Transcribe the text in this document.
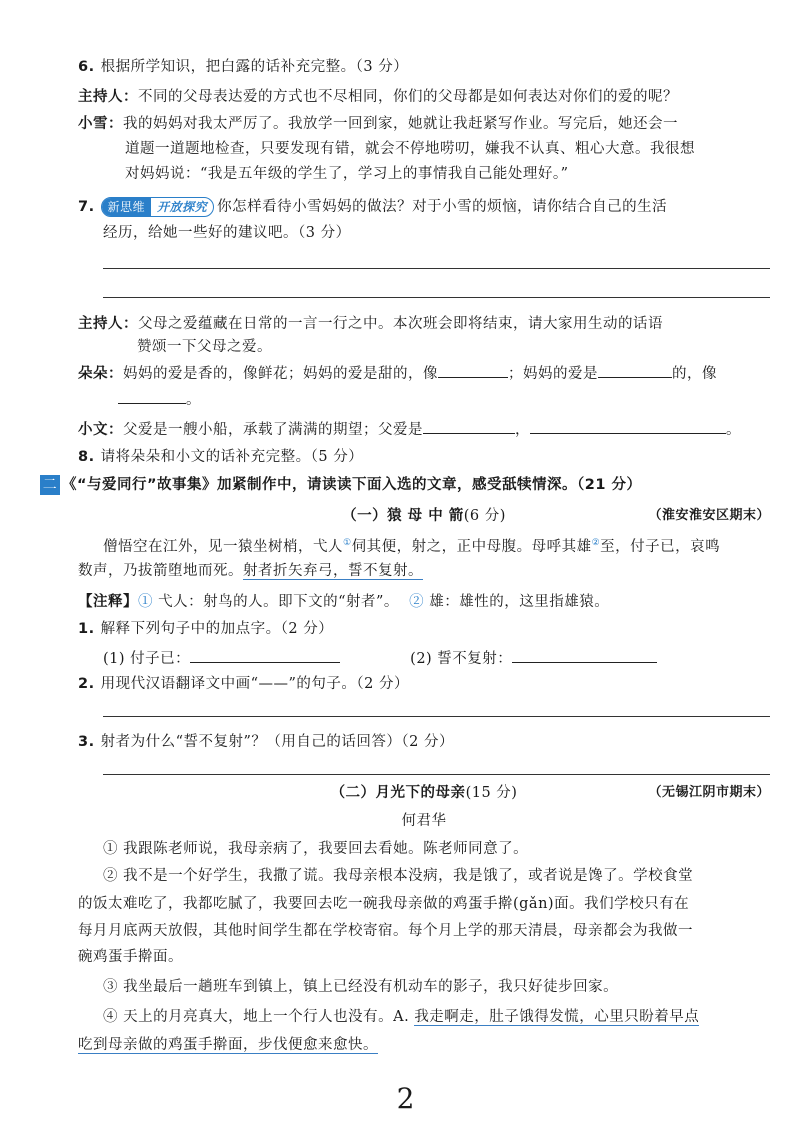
6. 根据所学知识，把白露的话补充完整。（3 分）
主持人：不同的父母表达爱的方式也不尽相同，你们的父母都是如何表达对你们的爱的呢？
小雪：我的妈妈对我太严厉了。我放学一回到家，她就让我赶紧写作业。写完后，她还会一
道题一道题地检查，只要发现有错，就会不停地唠叨，嫌我不认真、粗心大意。我很想
对妈妈说：“我是五年级的学生了，学习上的事情我自己能处理好。”
7.	新思维	开放探究 你怎样看待小雪妈妈的做法？对于小雪的烦恼，请你结合自己的生活
经历，给她一些好的建议吧。（3 分）
主持人：父母之爱蕴藏在日常的一言一行之中。本次班会即将结束，请大家用生动的话语
赞颂一下父母之爱。
朵朵：妈妈的爱是香的，像鲜花；妈妈的爱是甜的，像	；妈妈的爱是	的，像
。
小文：父爱是一艘小船，承载了满满的期望；父爱是	，	。
8. 请将朵朵和小文的话补充完整。（5 分）
二 《“与爱同行”故事集》加紧制作中，请读读下面入选的文章，感受舐犊情深。（21 分）
（一）猿 母 中 箭(6 分)	（淮安淮安区期末）
僧悟空在江外，见一猿坐树梢，弋人①伺其便，射之，正中母腹。母呼其雄②至，付子已，哀鸣
数声，乃拔箭堕地而死。射者折矢弃弓，誓不复射。
【注释】① 弋人：射鸟的人。即下文的“射者”。 ② 雄：雄性的，这里指雄猿。
1. 解释下列句子中的加点字。（2 分）
(1) 付子已：	(2) 誓不复射：
2. 用现代汉语翻译文中画“——”的句子。（2 分）
3. 射者为什么“誓不复射”？（用自己的话回答）（2 分）
（二）月光下的母亲(15 分)	（无锡江阴市期末）
何君华
① 我跟陈老师说，我母亲病了，我要回去看她。陈老师同意了。
② 我不是一个好学生，我撒了谎。我母亲根本没病，我是饿了，或者说是馋了。学校食堂
的饭太难吃了，我都吃腻了，我要回去吃一碗我母亲做的鸡蛋手擀(gǎn)面。我们学校只有在
每月月底两天放假，其他时间学生都在学校寄宿。每个月上学的那天清晨，母亲都会为我做一
碗鸡蛋手擀面。
③ 我坐最后一趟班车到镇上，镇上已经没有机动车的影子，我只好徒步回家。
④ 天上的月亮真大，地上一个行人也没有。A. 我走啊走，肚子饿得发慌，心里只盼着早点
吃到母亲做的鸡蛋手擀面，步伐便愈来愈快。
2
